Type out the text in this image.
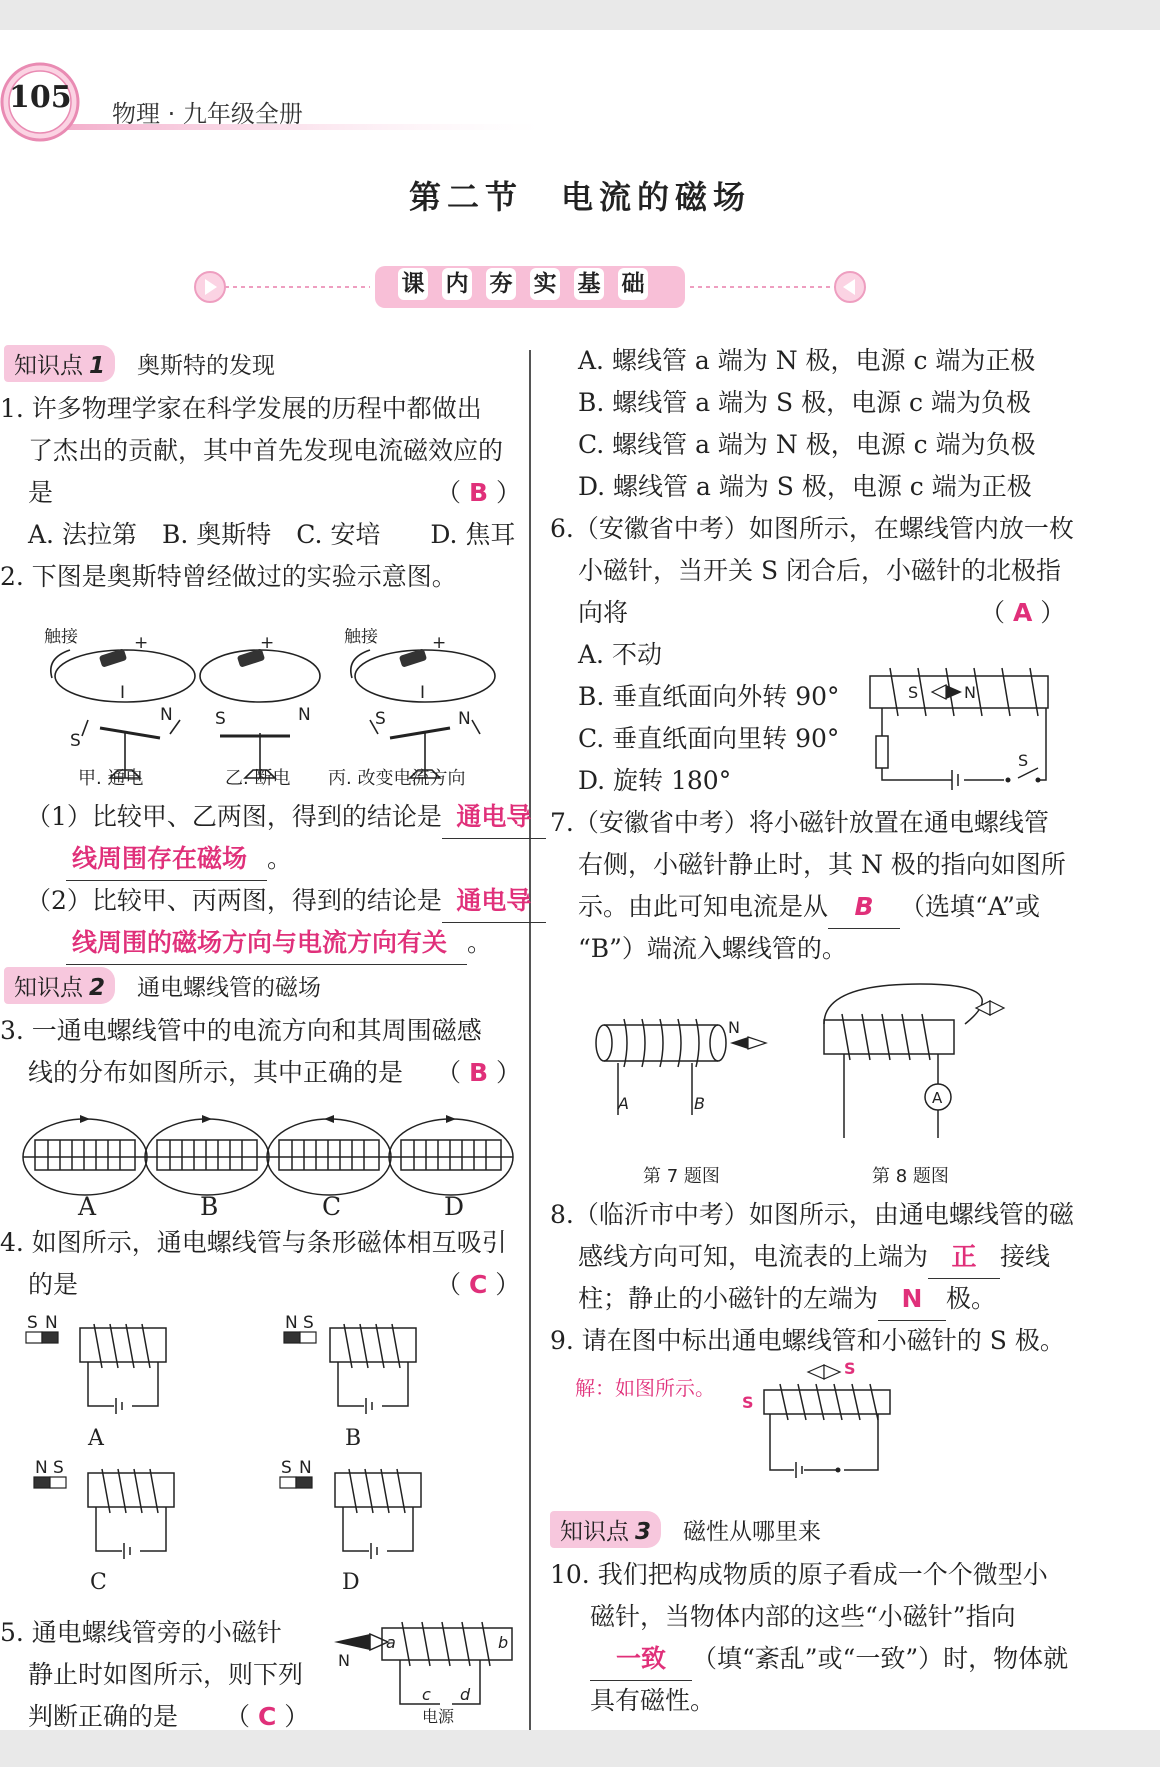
105 物理 · 九年级全册
第二节　电流的磁场
课 内 夯 实 基 础
知识点 1	奥斯特的发现
1. 许多物理学家在科学发展的历程中都做出
了杰出的贡献，其中首先发现电流磁效应的
是	（ B ）
A. 法拉第　B. 奥斯特　C. 安培　　D. 焦耳
2. 下图是奥斯特曾经做过的实验示意图。
触接	触接
I	I
S
N S	N	S	N
+	+	+
甲. 通电	乙. 断电 丙. 改变电流方向
（1）比较甲、乙两图，得到的结论是 通电导
线周围存在磁场 。
（2）比较甲、丙两图，得到的结论是 通电导
线周围的磁场方向与电流方向有关 。
知识点 2	通电螺线管的磁场
3. 一通电螺线管中的电流方向和其周围磁感
线的分布如图所示，其中正确的是 （ B ）
A	B	C	D
4. 如图所示，通电螺线管与条形磁体相互吸引
的是	（ C ）
S N	N S
N S	S N
A	B
C	D
5. 通电螺线管旁的小磁针
静止时如图所示，则下列
判断正确的是 （ C ）
N
a	b
c d
电源
A. 螺线管 a 端为 N 极，电源 c 端为正极
B. 螺线管 a 端为 S 极，电源 c 端为负极
C. 螺线管 a 端为 N 极，电源 c 端为负极
D. 螺线管 a 端为 S 极，电源 c 端为正极
6.（安徽省中考）如图所示，在螺线管内放一枚
小磁针，当开关 S 闭合后，小磁针的北极指
向将	（ A ）
A. 不动
B. 垂直纸面向外转 90°
C. 垂直纸面向里转 90°
D. 旋转 180°
S	N
S
7.（安徽省中考）将小磁针放置在通电螺线管
右侧，小磁针静止时，其 N 极的指向如图所
示。由此可知电流是从 B （选填“A”或
“B”）端流入螺线管的。
N
A	B	A
第 7 题图	第 8 题图
8.（临沂市中考）如图所示，由通电螺线管的磁
感线方向可知，电流表的上端为 正 接线
柱；静止的小磁针的左端为 N 极。
9. 请在图中标出通电螺线管和小磁针的 S 极。
解：如图所示。
S
S
知识点 3	磁性从哪里来
10. 我们把构成物质的原子看成一个个微型小
磁针，当物体内部的这些“小磁针”指向
一致 （填“紊乱”或“一致”）时，物体就
具有磁性。
